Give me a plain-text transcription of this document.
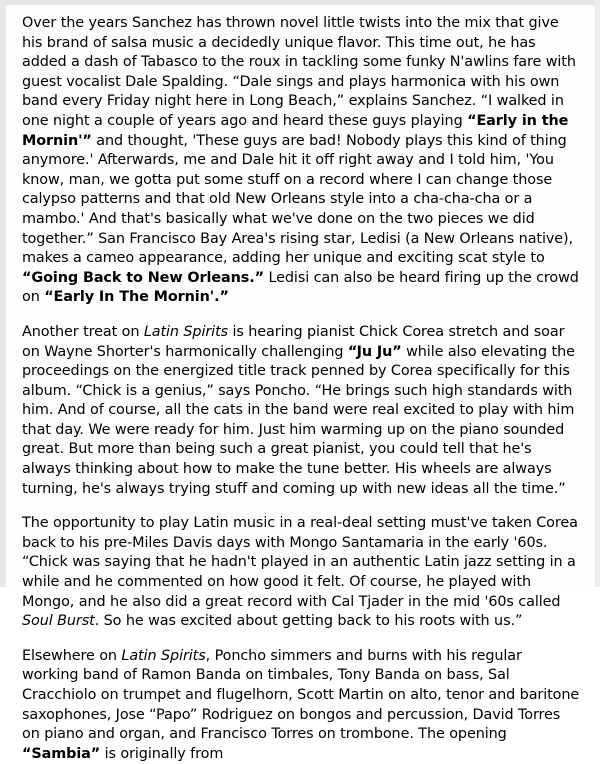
Over the years Sanchez has thrown novel little twists into the mix that give his brand of salsa music a decidedly unique flavor. This time out, he has added a dash of Tabasco to the roux in tackling some funky N'awlins fare with guest vocalist Dale Spalding. “Dale sings and plays harmonica with his own band every Friday night here in Long Beach,” explains Sanchez. “I walked in one night a couple of years ago and heard these guys playing “Early in the Mornin'” and thought, 'These guys are bad! Nobody plays this kind of thing anymore.' Afterwards, me and Dale hit it off right away and I told him, 'You know, man, we gotta put some stuff on a record where I can change those calypso patterns and that old New Orleans style into a cha-cha-cha or a mambo.' And that's basically what we've done on the two pieces we did together.” San Francisco Bay Area's rising star, Ledisi (a New Orleans native), makes a cameo appearance, adding her unique and exciting scat style to “Going Back to New Orleans.” Ledisi can also be heard firing up the crowd on “Early In The Mornin'.”
Another treat on Latin Spirits is hearing pianist Chick Corea stretch and soar on Wayne Shorter's harmonically challenging “Ju Ju” while also elevating the proceedings on the energized title track penned by Corea specifically for this album. “Chick is a genius,” says Poncho. “He brings such high standards with him. And of course, all the cats in the band were real excited to play with him that day. We were ready for him. Just him warming up on the piano sounded great. But more than being such a great pianist, you could tell that he's always thinking about how to make the tune better. His wheels are always turning, he's always trying stuff and coming up with new ideas all the time.”
The opportunity to play Latin music in a real-deal setting must've taken Corea back to his pre-Miles Davis days with Mongo Santamaria in the early '60s. “Chick was saying that he hadn't played in an authentic Latin jazz setting in a while and he commented on how good it felt. Of course, he played with Mongo, and he also did a great record with Cal Tjader in the mid '60s called Soul Burst. So he was excited about getting back to his roots with us.”
Elsewhere on Latin Spirits, Poncho simmers and burns with his regular working band of Ramon Banda on timbales, Tony Banda on bass, Sal Cracchiolo on trumpet and flugelhorn, Scott Martin on alto, tenor and baritone saxophones, Jose “Papo” Rodriguez on bongos and percussion, David Torres on piano and organ, and Francisco Torres on trombone. The opening “Sambia” is originally from
